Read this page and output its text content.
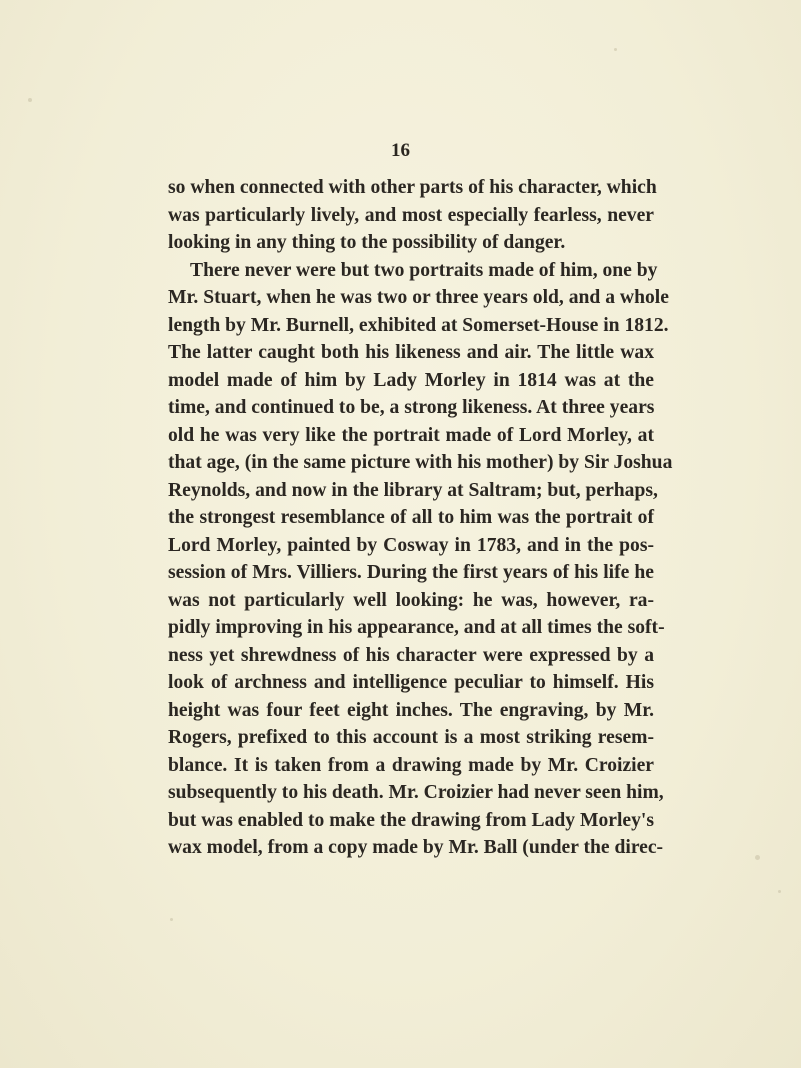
16
so when connected with other parts of his character, which
was particularly lively, and most especially fearless, never
looking in any thing to the possibility of danger.
There never were but two portraits made of him, one by
Mr. Stuart, when he was two or three years old, and a whole
length by Mr. Burnell, exhibited at Somerset-House in 1812.
The latter caught both his likeness and air. The little wax
model made of him by Lady Morley in 1814 was at the
time, and continued to be, a strong likeness. At three years
old he was very like the portrait made of Lord Morley, at
that age, (in the same picture with his mother) by Sir Joshua
Reynolds, and now in the library at Saltram; but, perhaps,
the strongest resemblance of all to him was the portrait of
Lord Morley, painted by Cosway in 1783, and in the pos-
session of Mrs. Villiers. During the first years of his life he
was not particularly well looking: he was, however, ra-
pidly improving in his appearance, and at all times the soft-
ness yet shrewdness of his character were expressed by a
look of archness and intelligence peculiar to himself. His
height was four feet eight inches. The engraving, by Mr.
Rogers, prefixed to this account is a most striking resem-
blance. It is taken from a drawing made by Mr. Croizier
subsequently to his death. Mr. Croizier had never seen him,
but was enabled to make the drawing from Lady Morley's
wax model, from a copy made by Mr. Ball (under the direc-
